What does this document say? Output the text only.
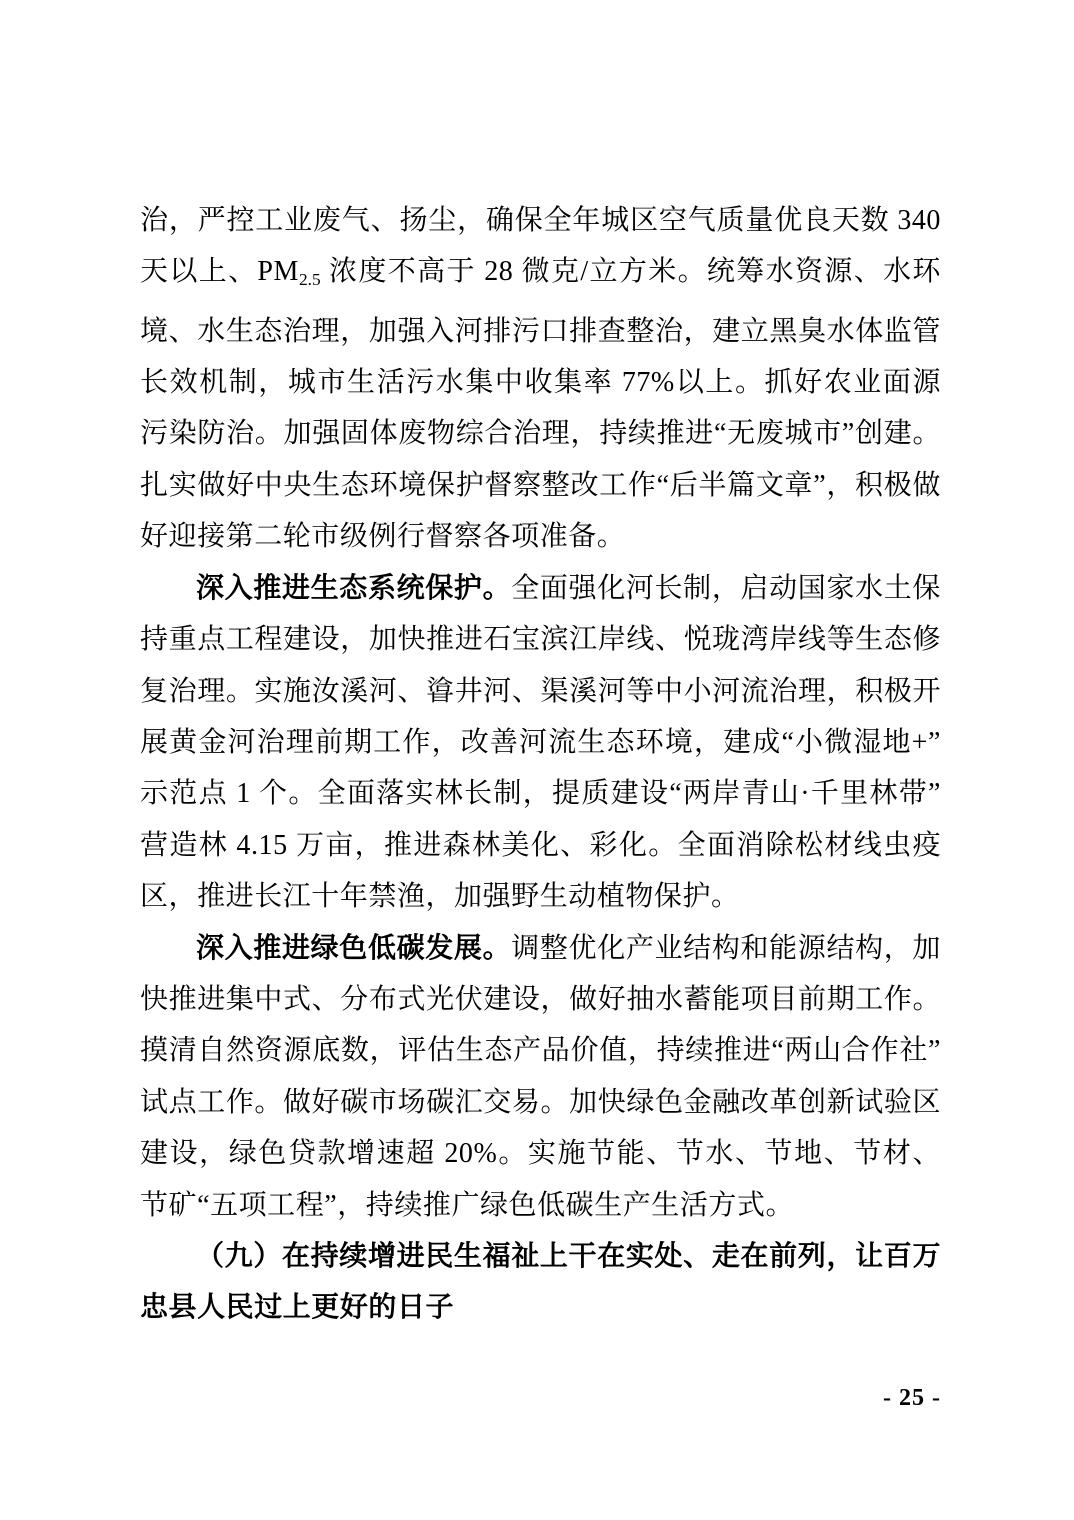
治，严控工业废气、扬尘，确保全年城区空气质量优良天数 340 天以上、$PM_{2.5}$ 浓度不高于 28 微克/立方米。统筹水资源、水环境、水生态治理，加强入河排污口排查整治，建立黑臭水体监管长效机制，城市生活污水集中收集率 77%以上。抓好农业面源污染防治。加强固体废物综合治理，持续推进“无废城市”创建。扎实做好中央生态环境保护督察整改工作“后半篇文章”，积极做好迎接第二轮市级例行督察各项准备。

深入推进生态系统保护。全面强化河长制，启动国家水土保持重点工程建设，加快推进石宝滨江岸线、悦珑湾岸线等生态修复治理。实施汝溪河、㽏井河、渠溪河等中小河流治理，积极开展黄金河治理前期工作，改善河流生态环境，建成“小微湿地+”示范点 1 个。全面落实林长制，提质建设“两岸青山·千里林带”营造林 4.15 万亩，推进森林美化、彩化。全面消除松材线虫疫区，推进长江十年禁渔，加强野生动植物保护。

深入推进绿色低碳发展。调整优化产业结构和能源结构，加快推进集中式、分布式光伏建设，做好抽水蓄能项目前期工作。摸清自然资源底数，评估生态产品价值，持续推进“两山合作社”试点工作。做好碳市场碳汇交易。加快绿色金融改革创新试验区建设，绿色贷款增速超 20%。实施节能、节水、节地、节材、节矿“五项工程”，持续推广绿色低碳生产生活方式。

（九）在持续增进民生福祉上干在实处、走在前列，让百万忠县人民过上更好的日子

- 25 -
